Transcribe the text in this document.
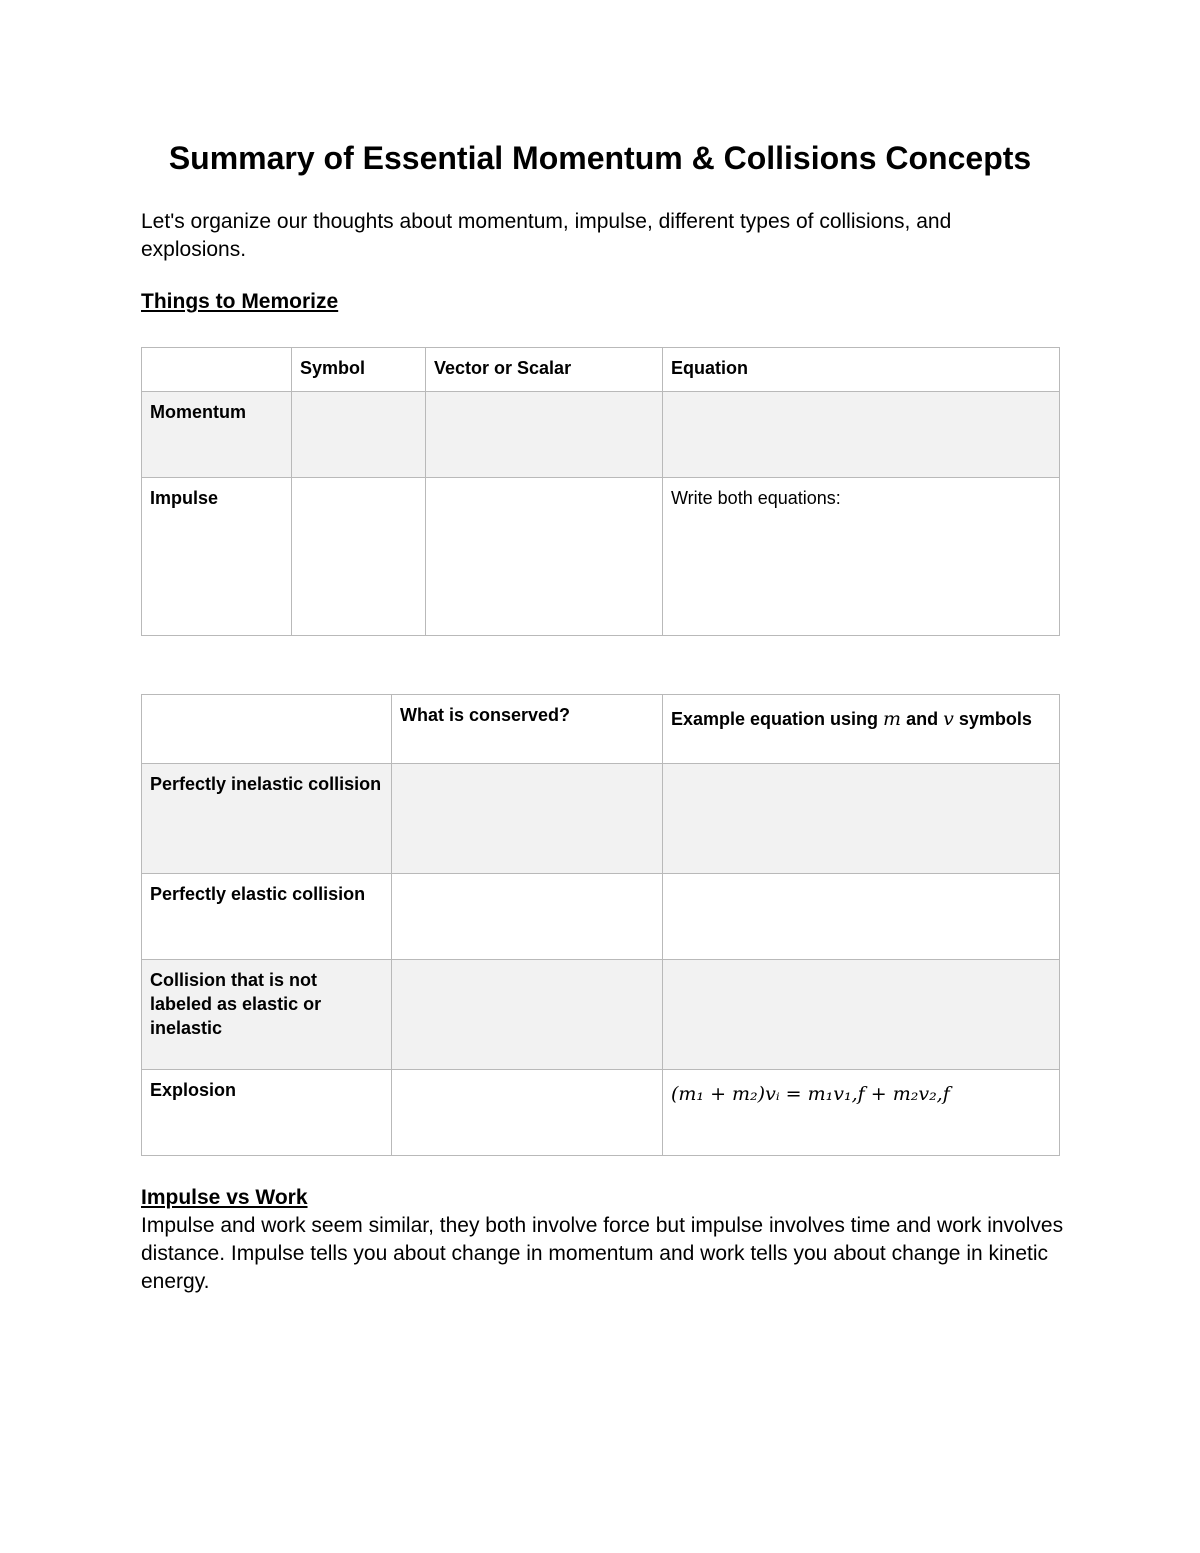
Summary of Essential Momentum & Collisions Concepts

Let's organize our thoughts about momentum, impulse, different types of collisions, and explosions.

Things to Memorize

	Symbol	Vector or Scalar	Equation
Momentum			
Impulse			Write both equations:
	What is conserved?	Example equation using m and v symbols
Perfectly inelastic collision		
Perfectly elastic collision		
Collision that is not labeled as elastic or inelastic		
Explosion		(m₁ + m₂)vᵢ = m₁v₁,f + m₂v₂,f

Impulse vs Work

Impulse and work seem similar, they both involve force but impulse involves time and work involves distance. Impulse tells you about change in momentum and work tells you about change in kinetic energy.
